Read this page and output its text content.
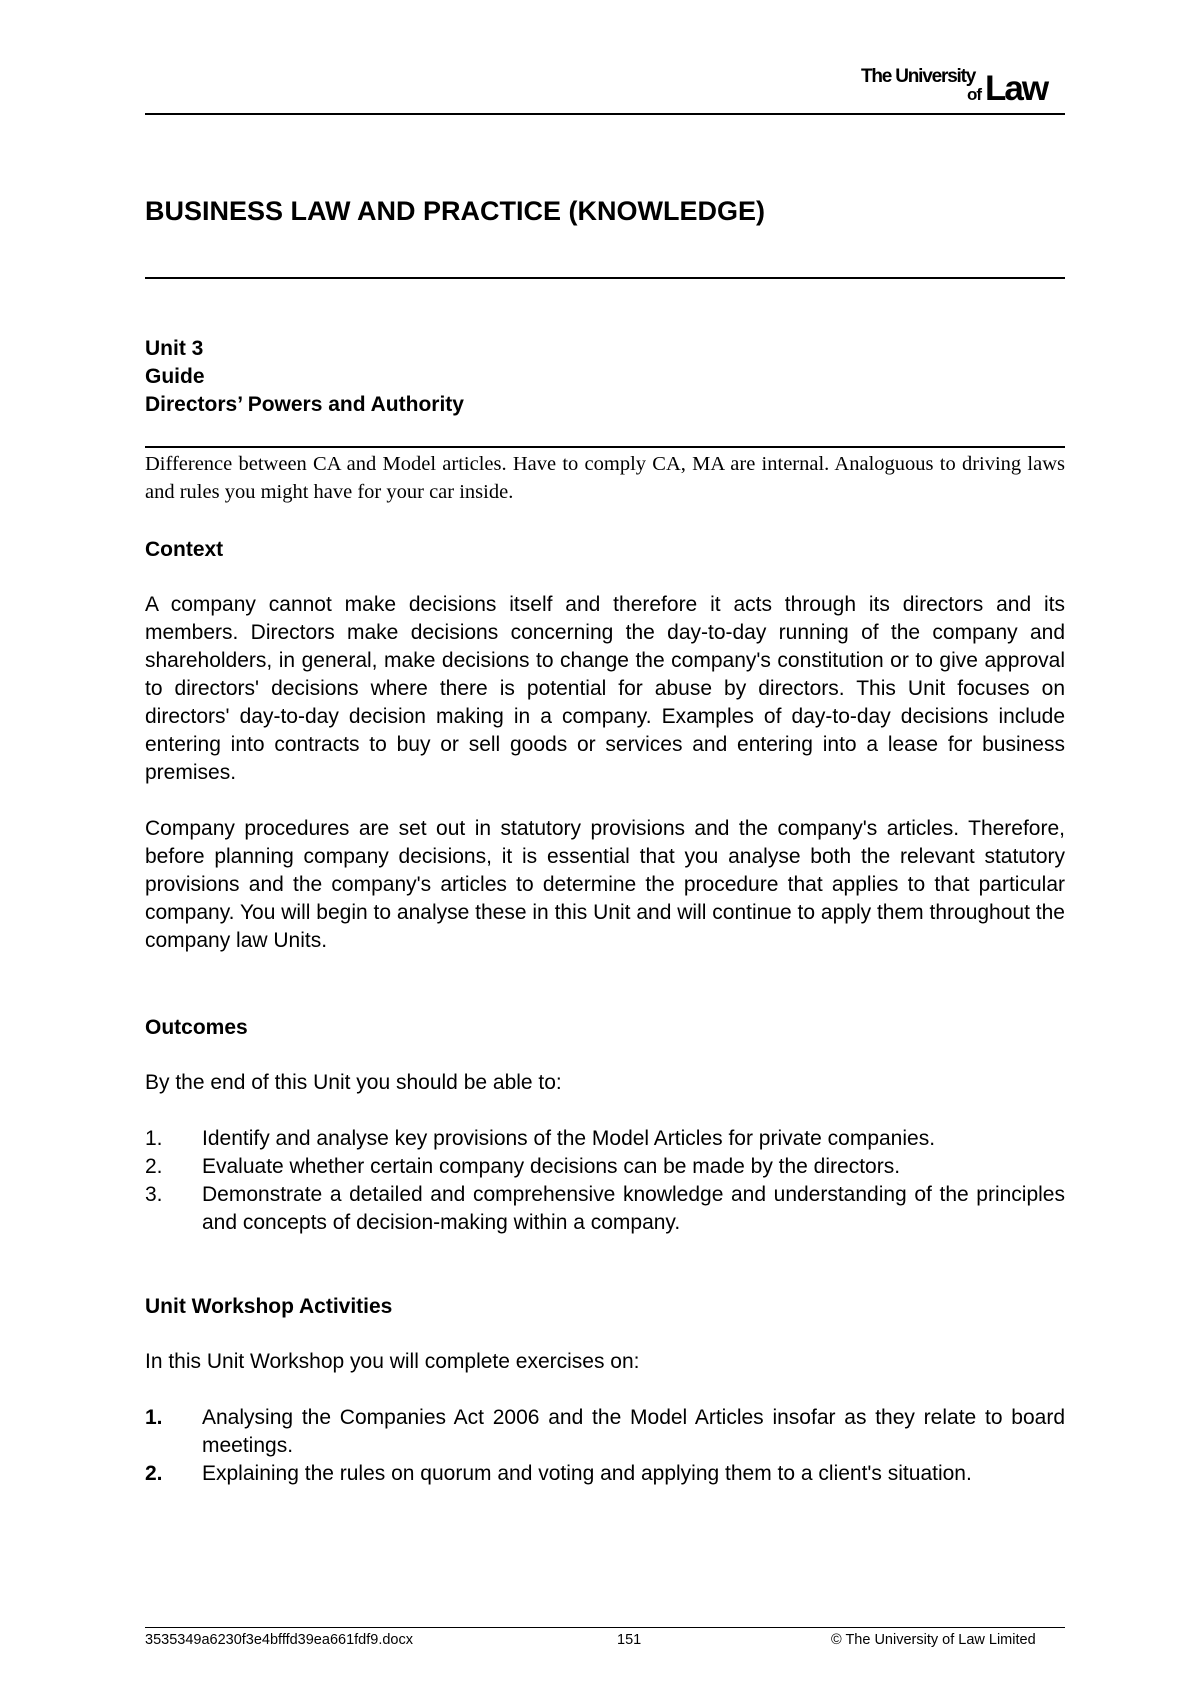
The University
of Law
BUSINESS LAW AND PRACTICE (KNOWLEDGE)
Unit 3
Guide
Directors’ Powers and Authority
Difference between CA and Model articles. Have to comply CA, MA are internal. Analoguous to driving laws and rules you might have for your car inside.
Context
A company cannot make decisions itself and therefore it acts through its directors and its members. Directors make decisions concerning the day-to-day running of the company and shareholders, in general, make decisions to change the company's constitution or to give approval to directors' decisions where there is potential for abuse by directors. This Unit focuses on directors' day-to-day decision making in a company. Examples of day-to-day decisions include entering into contracts to buy or sell goods or services and entering into a lease for business premises.
Company procedures are set out in statutory provisions and the company's articles. Therefore, before planning company decisions, it is essential that you analyse both the relevant statutory provisions and the company's articles to determine the procedure that applies to that particular company. You will begin to analyse these in this Unit and will continue to apply them throughout the company law Units.
Outcomes
By the end of this Unit you should be able to:
1. Identify and analyse key provisions of the Model Articles for private companies.
2. Evaluate whether certain company decisions can be made by the directors.
3. Demonstrate a detailed and comprehensive knowledge and understanding of the principles and concepts of decision-making within a company.
Unit Workshop Activities
In this Unit Workshop you will complete exercises on:
1. Analysing the Companies Act 2006 and the Model Articles insofar as they relate to board meetings.
2. Explaining the rules on quorum and voting and applying them to a client's situation.
3535349a6230f3e4bfffd39ea661fdf9.docx	151	© The University of Law Limited
